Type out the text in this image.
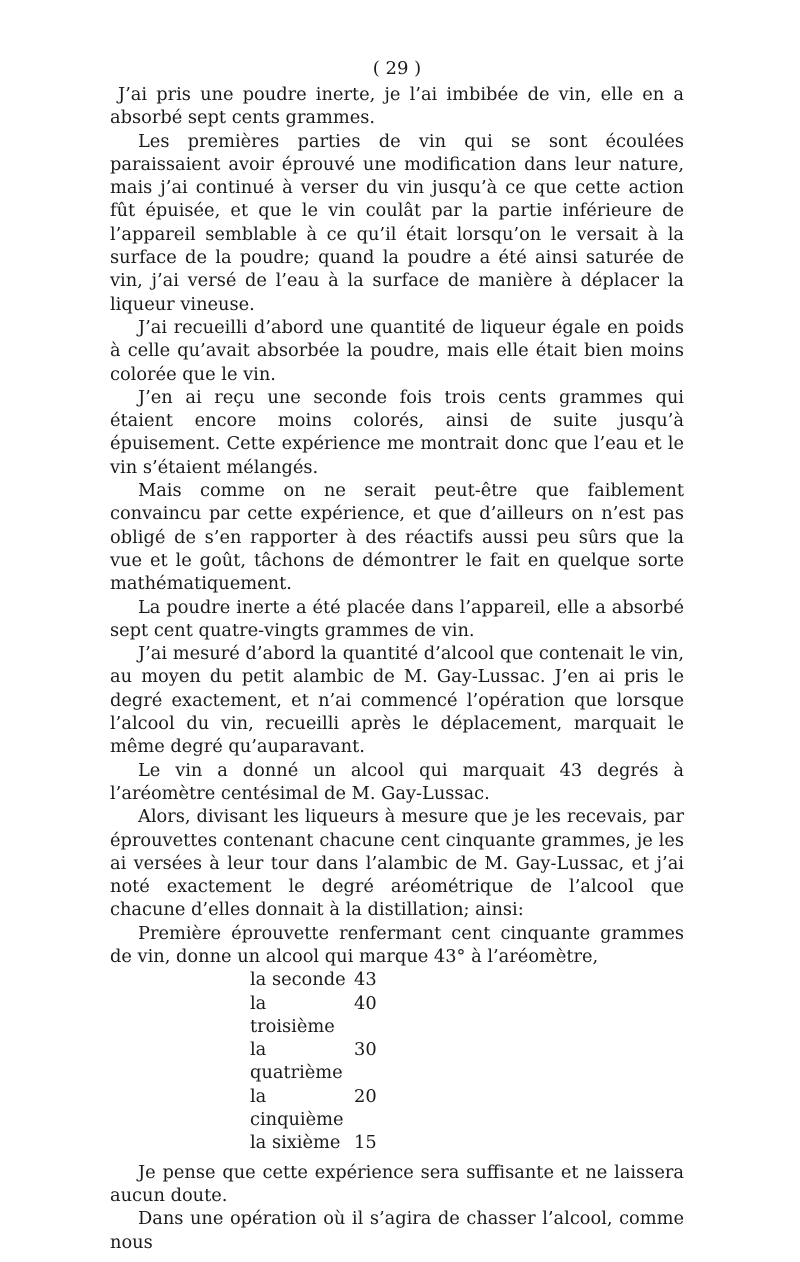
( 29 )

J’ai pris une poudre inerte, je l’ai imbibée de vin, elle en a absorbé sept cents grammes.

Les premières parties de vin qui se sont écoulées paraissaient avoir éprouvé une modification dans leur nature, mais j’ai continué à verser du vin jusqu’à ce que cette action fût épuisée, et que le vin coulât par la partie inférieure de l’appareil semblable à ce qu’il était lorsqu’on le versait à la surface de la poudre; quand la poudre a été ainsi saturée de vin, j’ai versé de l’eau à la surface de manière à déplacer la liqueur vineuse.

J’ai recueilli d’abord une quantité de liqueur égale en poids à celle qu’avait absorbée la poudre, mais elle était bien moins colorée que le vin.

J’en ai reçu une seconde fois trois cents grammes qui étaient encore moins colorés, ainsi de suite jusqu’à épuisement. Cette expérience me montrait donc que l’eau et le vin s’étaient mélangés.

Mais comme on ne serait peut-être que faiblement convaincu par cette expérience, et que d’ailleurs on n’est pas obligé de s’en rapporter à des réactifs aussi peu sûrs que la vue et le goût, tâchons de démontrer le fait en quelque sorte mathématiquement.

La poudre inerte a été placée dans l’appareil, elle a absorbé sept cent quatre-vingts grammes de vin.

J’ai mesuré d’abord la quantité d’alcool que contenait le vin, au moyen du petit alambic de M. Gay-Lussac. J’en ai pris le degré exactement, et n’ai commencé l’opération que lorsque l’alcool du vin, recueilli après le déplacement, marquait le même degré qu’auparavant.

Le vin a donné un alcool qui marquait 43 degrés à l’aréomètre centésimal de M. Gay-Lussac.

Alors, divisant les liqueurs à mesure que je les recevais, par éprouvettes contenant chacune cent cinquante grammes, je les ai versées à leur tour dans l’alambic de M. Gay-Lussac, et j’ai noté exactement le degré aréométrique de l’alcool que chacune d’elles donnait à la distillation; ainsi:

Première éprouvette renfermant cent cinquante grammes de vin, donne un alcool qui marque 43° à l’aréomètre,

la seconde 43
la troisième
40
la quatrième
30
la cinquième
20
la sixième 15

Je pense que cette expérience sera suffisante et ne laissera aucun doute.

Dans une opération où il s’agira de chasser l’alcool, comme nous
